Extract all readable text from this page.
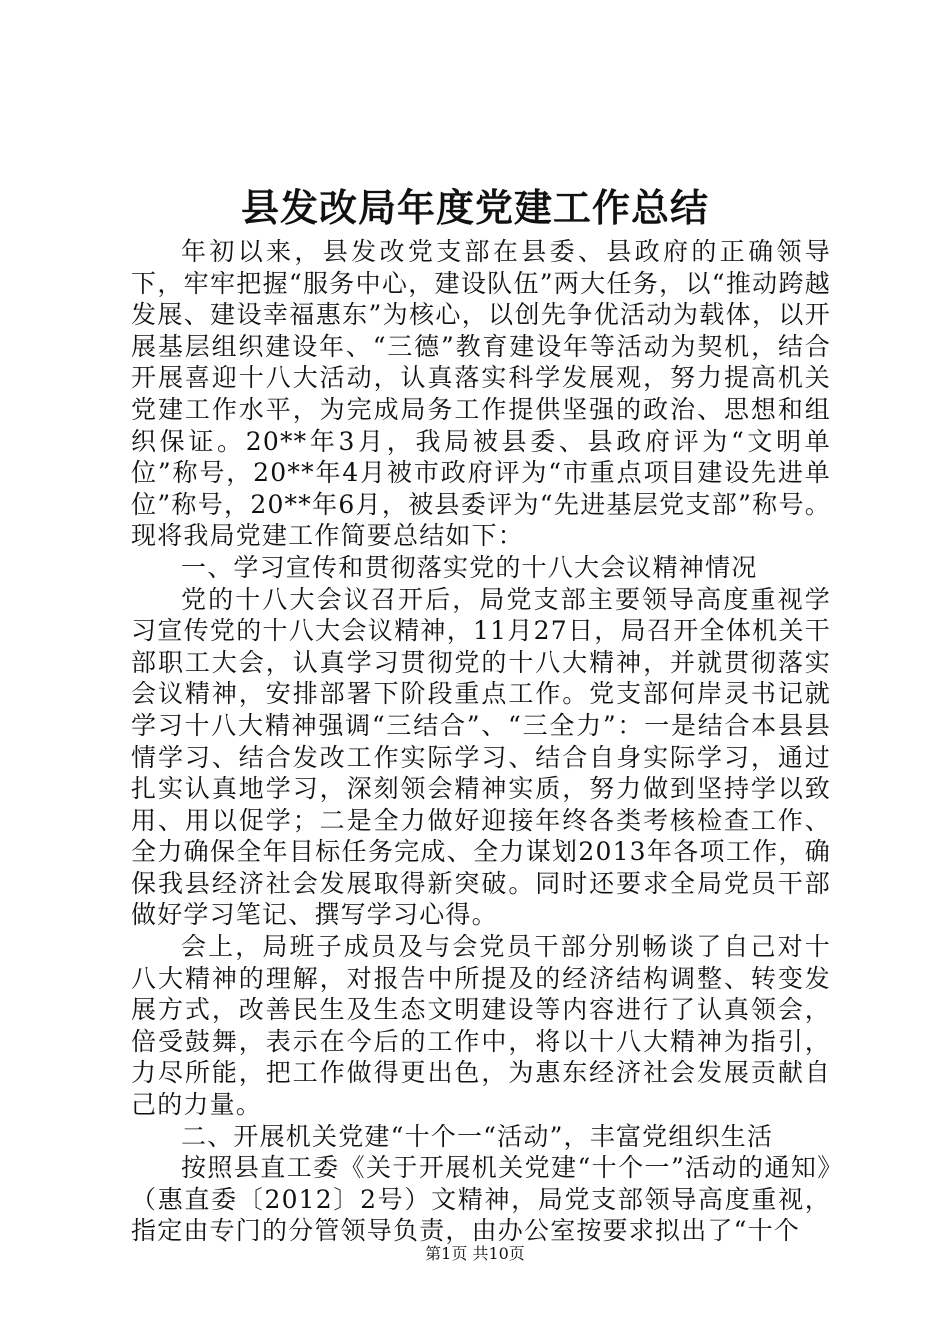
县发改局年度党建工作总结

年初以来，县发改党支部在县委、县政府的正确领导下，牢牢把握“服务中心，建设队伍”两大任务，以“推动跨越发展、建设幸福惠东”为核心，以创先争优活动为载体，以开展基层组织建设年、“三德”教育建设年等活动为契机，结合开展喜迎十八大活动，认真落实科学发展观，努力提高机关党建工作水平，为完成局务工作提供坚强的政治、思想和组织保证。20**年3月，我局被县委、县政府评为“文明单位”称号，20**年4月被市政府评为“市重点项目建设先进单位”称号，20**年6月，被县委评为“先进基层党支部”称号。现将我局党建工作简要总结如下：

一、学习宣传和贯彻落实党的十八大会议精神情况

党的十八大会议召开后，局党支部主要领导高度重视学习宣传党的十八大会议精神，11月27日，局召开全体机关干部职工大会，认真学习贯彻党的十八大精神，并就贯彻落实会议精神，安排部署下阶段重点工作。党支部何岸灵书记就学习十八大精神强调“三结合”、“三全力”：一是结合本县县情学习、结合发改工作实际学习、结合自身实际学习，通过扎实认真地学习，深刻领会精神实质，努力做到坚持学以致用、用以促学；二是全力做好迎接年终各类考核检查工作、全力确保全年目标任务完成、全力谋划2013年各项工作，确保我县经济社会发展取得新突破。同时还要求全局党员干部做好学习笔记、撰写学习心得。

会上，局班子成员及与会党员干部分别畅谈了自己对十八大精神的理解，对报告中所提及的经济结构调整、转变发展方式，改善民生及生态文明建设等内容进行了认真领会，倍受鼓舞，表示在今后的工作中，将以十八大精神为指引，力尽所能，把工作做得更出色，为惠东经济社会发展贡献自己的力量。

二、开展机关党建“十个一“活动”，丰富党组织生活

按照县直工委《关于开展机关党建“十个一”活动的通知》（惠直委〔2012〕2号）文精神，局党支部领导高度重视，指定由专门的分管领导负责，由办公室按要求拟出了“十个

第1页 共10页
